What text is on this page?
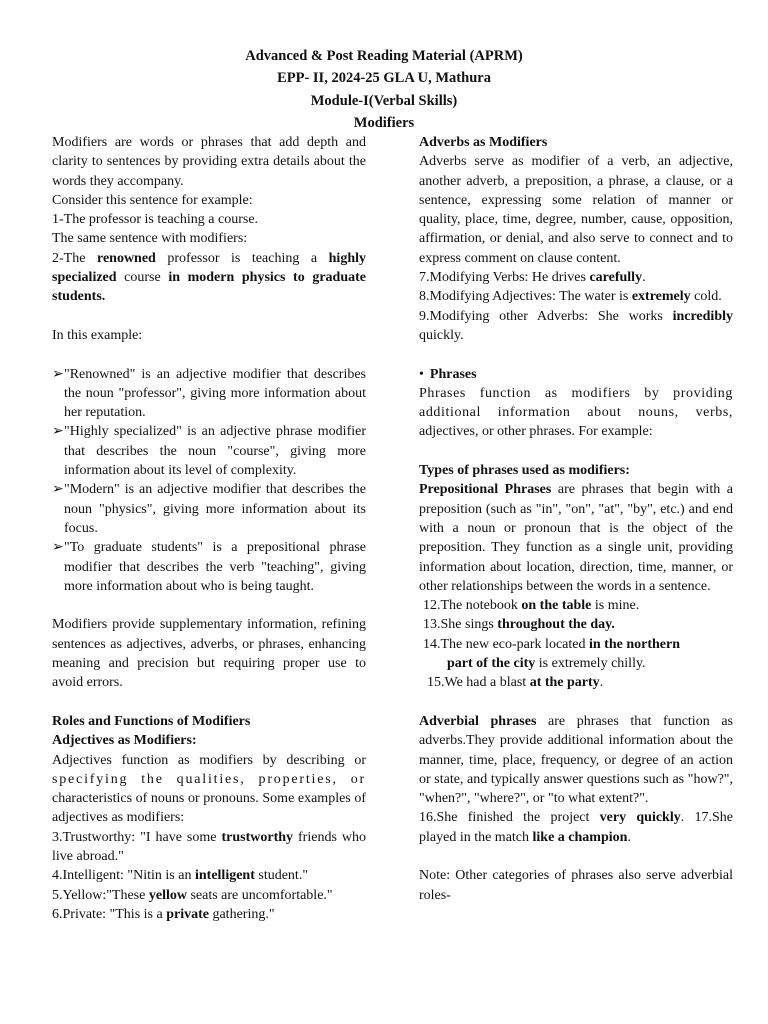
Advanced & Post Reading Material (APRM)
EPP- II, 2024-25 GLA U, Mathura
Module-I(Verbal Skills)
Modifiers

Modifiers are words or phrases that add depth and clarity to sentences by providing extra details about the words they accompany.

Consider this sentence for example:

1-The professor is teaching a course.

The same sentence with modifiers:

2-The renowned professor is teaching a highly specialized course in modern physics to graduate students.

In this example:

➢ "Renowned" is an adjective modifier that describes the noun "professor", giving more information about her reputation.
➢ "Highly specialized" is an adjective phrase modifier that describes the noun "course", giving more information about its level of complexity.
➢ "Modern" is an adjective modifier that describes the noun "physics", giving more information about its focus.
➢ "To graduate students" is a prepositional phrase modifier that describes the verb "teaching", giving more information about who is being taught.

Modifiers provide supplementary information, refining sentences as adjectives, adverbs, or phrases, enhancing meaning and precision but requiring proper use to avoid errors.

Roles and Functions of Modifiers

Adjectives as Modifiers:

Adjectives function as modifiers by describing or

specifying the qualities, properties, or

characteristics of nouns or pronouns. Some examples of adjectives as modifiers:

3.Trustworthy: "I have some trustworthy friends who live abroad."

4.Intelligent: "Nitin is an intelligent student."

5.Yellow:"These yellow seats are uncomfortable."

6.Private: "This is a private gathering."

Adverbs as Modifiers

Adverbs serve as modifier of a verb, an adjective, another adverb, a preposition, a phrase, a clause, or a sentence, expressing some relation of manner or quality, place, time, degree, number, cause, opposition, affirmation, or denial, and also serve to connect and to express comment on clause content.

7.Modifying Verbs: He drives carefully.

8.Modifying Adjectives: The water is extremely cold.

9.Modifying other Adverbs: She works incredibly quickly.

• Phrases

Phrases function as modifiers by providing

additional information about nouns, verbs,

adjectives, or other phrases. For example:

Types of phrases used as modifiers:

Prepositional Phrases are phrases that begin with a preposition (such as "in", "on", "at", "by", etc.) and end with a noun or pronoun that is the object of the preposition. They function as a single unit, providing information about location, direction, time, manner, or other relationships between the words in a sentence.

12.The notebook on the table is mine.

13.She sings throughout the day.

14.The new eco-park located in the northern

part of the city is extremely chilly.

15.We had a blast at the party.

Adverbial phrases are phrases that function as adverbs.They provide additional information about the manner, time, place, frequency, or degree of an action or state, and typically answer questions such as "how?", "when?", "where?", or "to what extent?".

16.She finished the project very quickly. 17.She played in the match like a champion.

Note: Other categories of phrases also serve adverbial roles-
